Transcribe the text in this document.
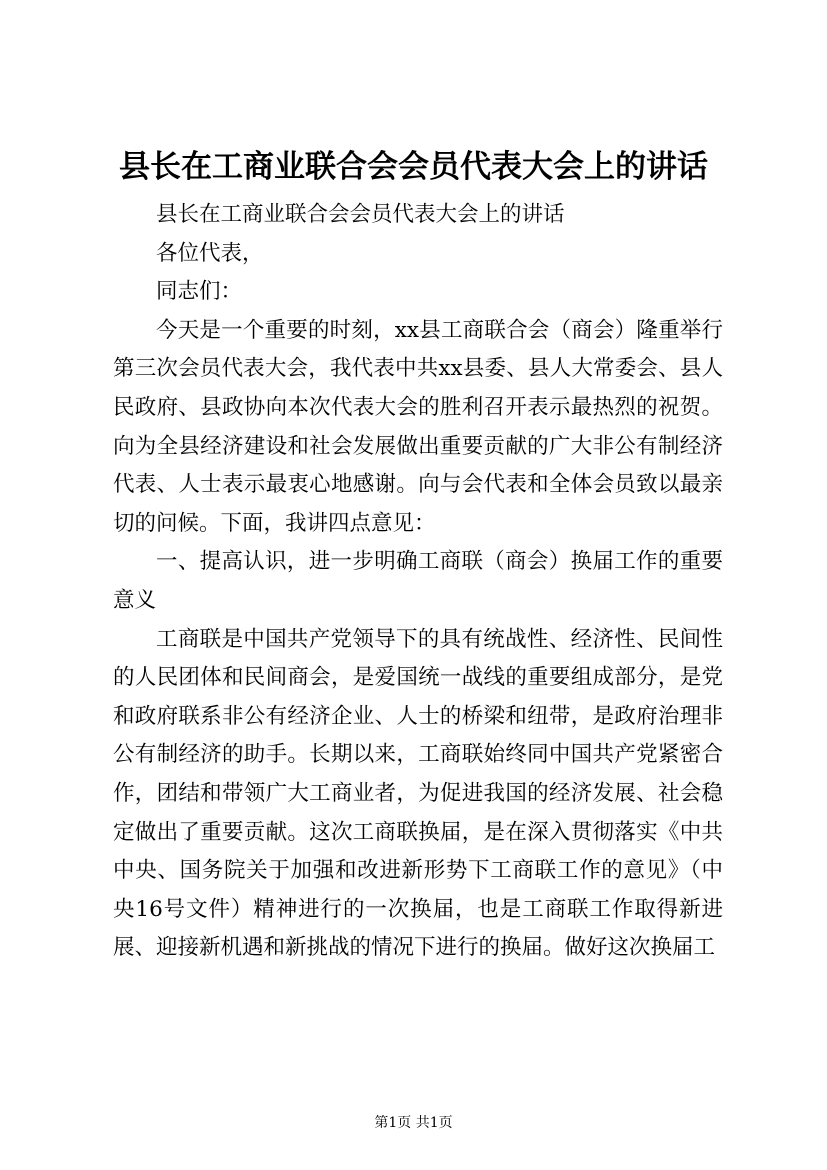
县长在工商业联合会会员代表大会上的讲话

县长在工商业联合会会员代表大会上的讲话

各位代表，

同志们：

今天是一个重要的时刻，xx县工商联合会（商会）隆重举行第三次会员代表大会，我代表中共xx县委、县人大常委会、县人民政府、县政协向本次代表大会的胜利召开表示最热烈的祝贺。向为全县经济建设和社会发展做出重要贡献的广大非公有制经济代表、人士表示最衷心地感谢。向与会代表和全体会员致以最亲切的问候。下面，我讲四点意见：

一、提高认识，进一步明确工商联（商会）换届工作的重要意义

工商联是中国共产党领导下的具有统战性、经济性、民间性的人民团体和民间商会，是爱国统一战线的重要组成部分，是党和政府联系非公有经济企业、人士的桥梁和纽带，是政府治理非公有制经济的助手。长期以来，工商联始终同中国共产党紧密合作，团结和带领广大工商业者，为促进我国的经济发展、社会稳定做出了重要贡献。这次工商联换届，是在深入贯彻落实《中共中央、国务院关于加强和改进新形势下工商联工作的意见》（中央16号文件）精神进行的一次换届，也是工商联工作取得新进展、迎接新机遇和新挑战的情况下进行的换届。做好这次换届工

第1页 共1页
